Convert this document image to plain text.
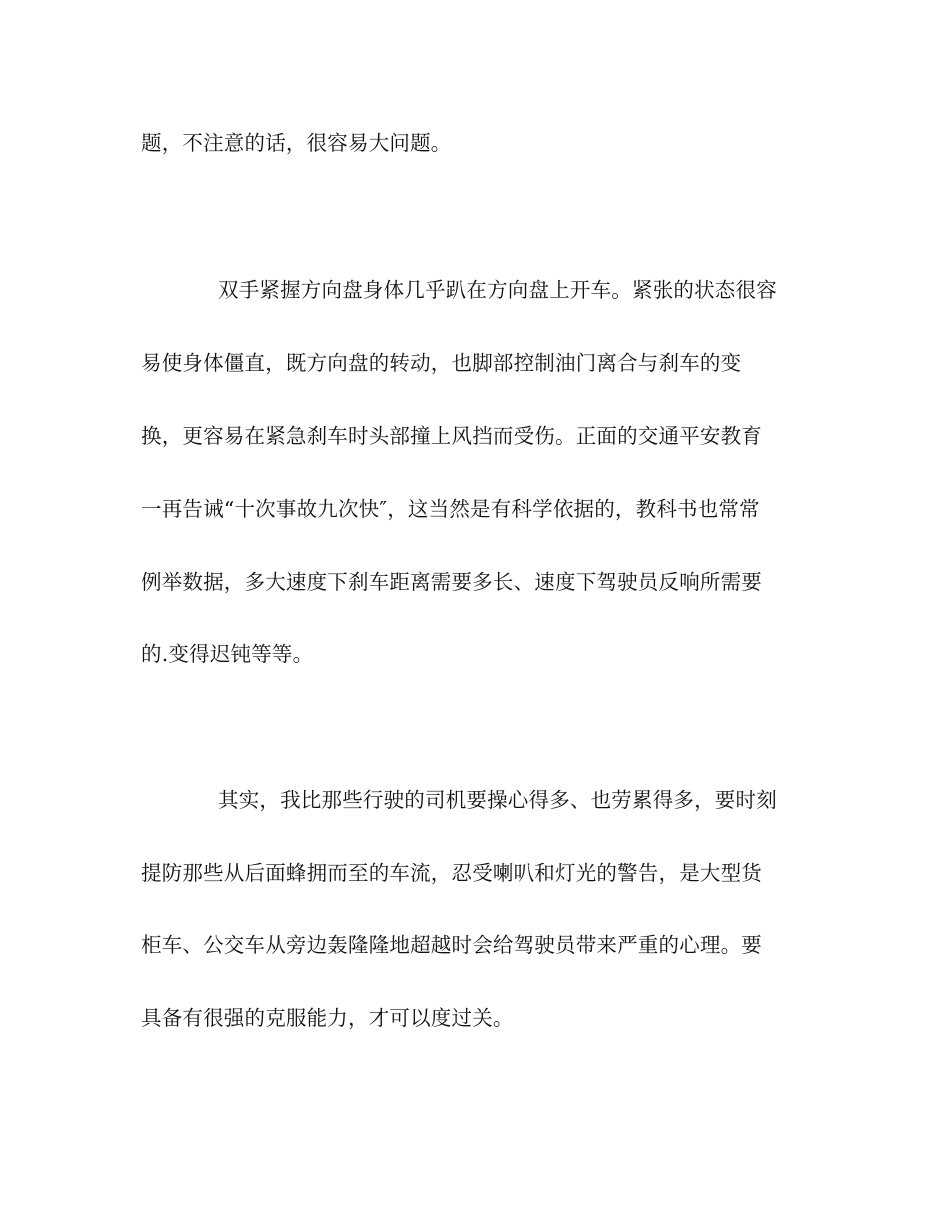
题，不注意的话，很容易大问题。
双手紧握方向盘身体几乎趴在方向盘上开车。紧张的状态很容
易使身体僵直，既方向盘的转动，也脚部控制油门离合与刹车的变
换，更容易在紧急刹车时头部撞上风挡而受伤。正面的交通平安教育
一再告诫“十次事故九次快″，这当然是有科学依据的，教科书也常常
例举数据，多大速度下刹车距离需要多长、速度下驾驶员反响所需要
的.变得迟钝等等。
其实，我比那些行驶的司机要操心得多、也劳累得多，要时刻
提防那些从后面蜂拥而至的车流，忍受喇叭和灯光的警告，是大型货
柜车、公交车从旁边轰隆隆地超越时会给驾驶员带来严重的心理。要
具备有很强的克服能力，才可以度过关。
